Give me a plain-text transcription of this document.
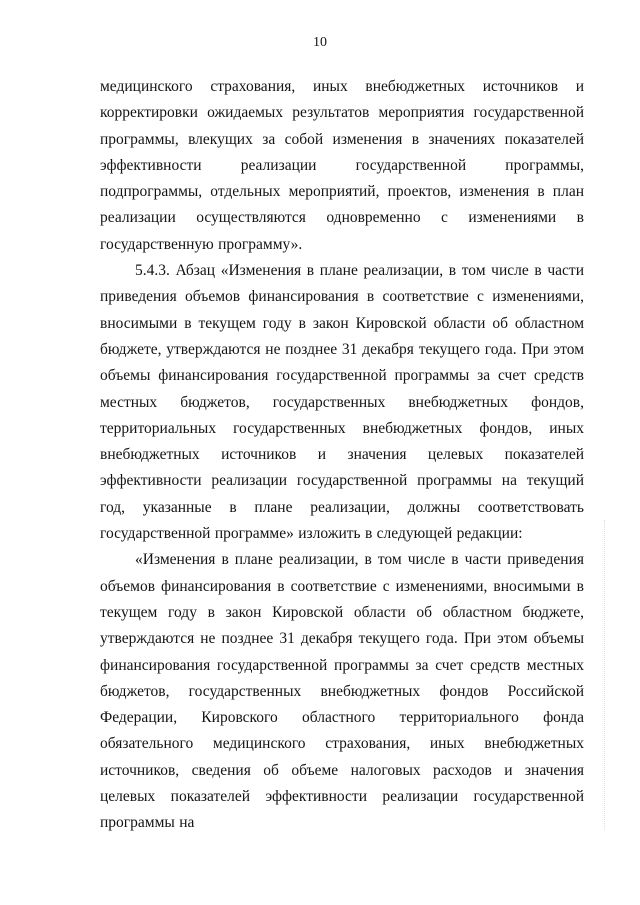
10

медицинского страхования, иных внебюджетных источников и корректировки ожидаемых результатов мероприятия государственной программы, влекущих за собой изменения в значениях показателей эффективности реализации государственной программы, подпрограммы, отдельных мероприятий, проектов, изменения в план реализации осуществляются одновременно с изменениями в государственную программу».

5.4.3. Абзац «Изменения в плане реализации, в том числе в части приведения объемов финансирования в соответствие с изменениями, вносимыми в текущем году в закон Кировской области об областном бюджете, утверждаются не позднее 31 декабря текущего года. При этом объемы финансирования государственной программы за счет средств местных бюджетов, государственных внебюджетных фондов, территориальных государственных внебюджетных фондов, иных внебюджетных источников и значения целевых показателей эффективности реализации государственной программы на текущий год, указанные в плане реализации, должны соответствовать государственной программе» изложить в следующей редакции:

«Изменения в плане реализации, в том числе в части приведения объемов финансирования в соответствие с изменениями, вносимыми в текущем году в закон Кировской области об областном бюджете, утверждаются не позднее 31 декабря текущего года. При этом объемы финансирования государственной программы за счет средств местных бюджетов, государственных внебюджетных фондов Российской Федерации, Кировского областного территориального фонда обязательного медицинского страхования, иных внебюджетных источников, сведения об объеме налоговых расходов и значения целевых показателей эффективности реализации государственной программы на
